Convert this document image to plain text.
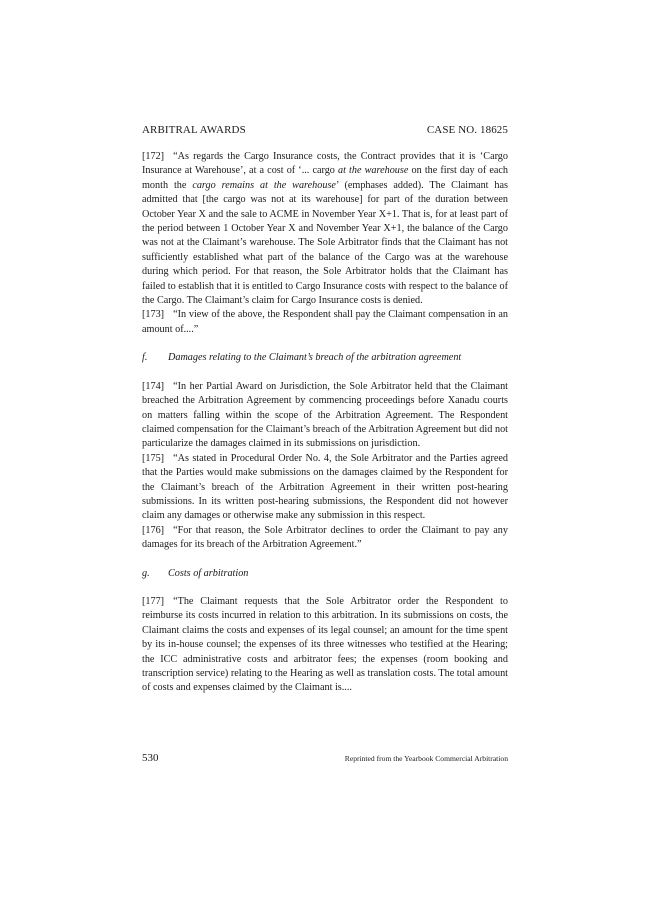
ARBITRAL AWARDS	CASE NO. 18625

[172] “As regards the Cargo Insurance costs, the Contract provides that it is ‘Cargo Insurance at Warehouse’, at a cost of ‘... cargo at the warehouse on the first day of each month the cargo remains at the warehouse’ (emphases added). The Claimant has admitted that [the cargo was not at its warehouse] for part of the duration between October Year X and the sale to ACME in November Year X+1. That is, for at least part of the period between 1 October Year X and November Year X+1, the balance of the Cargo was not at the Claimant’s warehouse. The Sole Arbitrator finds that the Claimant has not sufficiently established what part of the balance of the Cargo was at the warehouse during which period. For that reason, the Sole Arbitrator holds that the Claimant has failed to establish that it is entitled to Cargo Insurance costs with respect to the balance of the Cargo. The Claimant’s claim for Cargo Insurance costs is denied.

[173] “In view of the above, the Respondent shall pay the Claimant compensation in an amount of....”

f.	Damages relating to the Claimant’s breach of the arbitration agreement

[174] “In her Partial Award on Jurisdiction, the Sole Arbitrator held that the Claimant breached the Arbitration Agreement by commencing proceedings before Xanadu courts on matters falling within the scope of the Arbitration Agreement. The Respondent claimed compensation for the Claimant’s breach of the Arbitration Agreement but did not particularize the damages claimed in its submissions on jurisdiction.

[175] “As stated in Procedural Order No. 4, the Sole Arbitrator and the Parties agreed that the Parties would make submissions on the damages claimed by the Respondent for the Claimant’s breach of the Arbitration Agreement in their written post-hearing submissions. In its written post-hearing submissions, the Respondent did not however claim any damages or otherwise make any submission in this respect.

[176] “For that reason, the Sole Arbitrator declines to order the Claimant to pay any damages for its breach of the Arbitration Agreement.”

g.	Costs of arbitration

[177] “The Claimant requests that the Sole Arbitrator order the Respondent to reimburse its costs incurred in relation to this arbitration. In its submissions on costs, the Claimant claims the costs and expenses of its legal counsel; an amount for the time spent by its in-house counsel; the expenses of its three witnesses who testified at the Hearing; the ICC administrative costs and arbitrator fees; the expenses (room booking and transcription service) relating to the Hearing as well as translation costs. The total amount of costs and expenses claimed by the Claimant is....

530	Reprinted from the Yearbook Commercial Arbitration
